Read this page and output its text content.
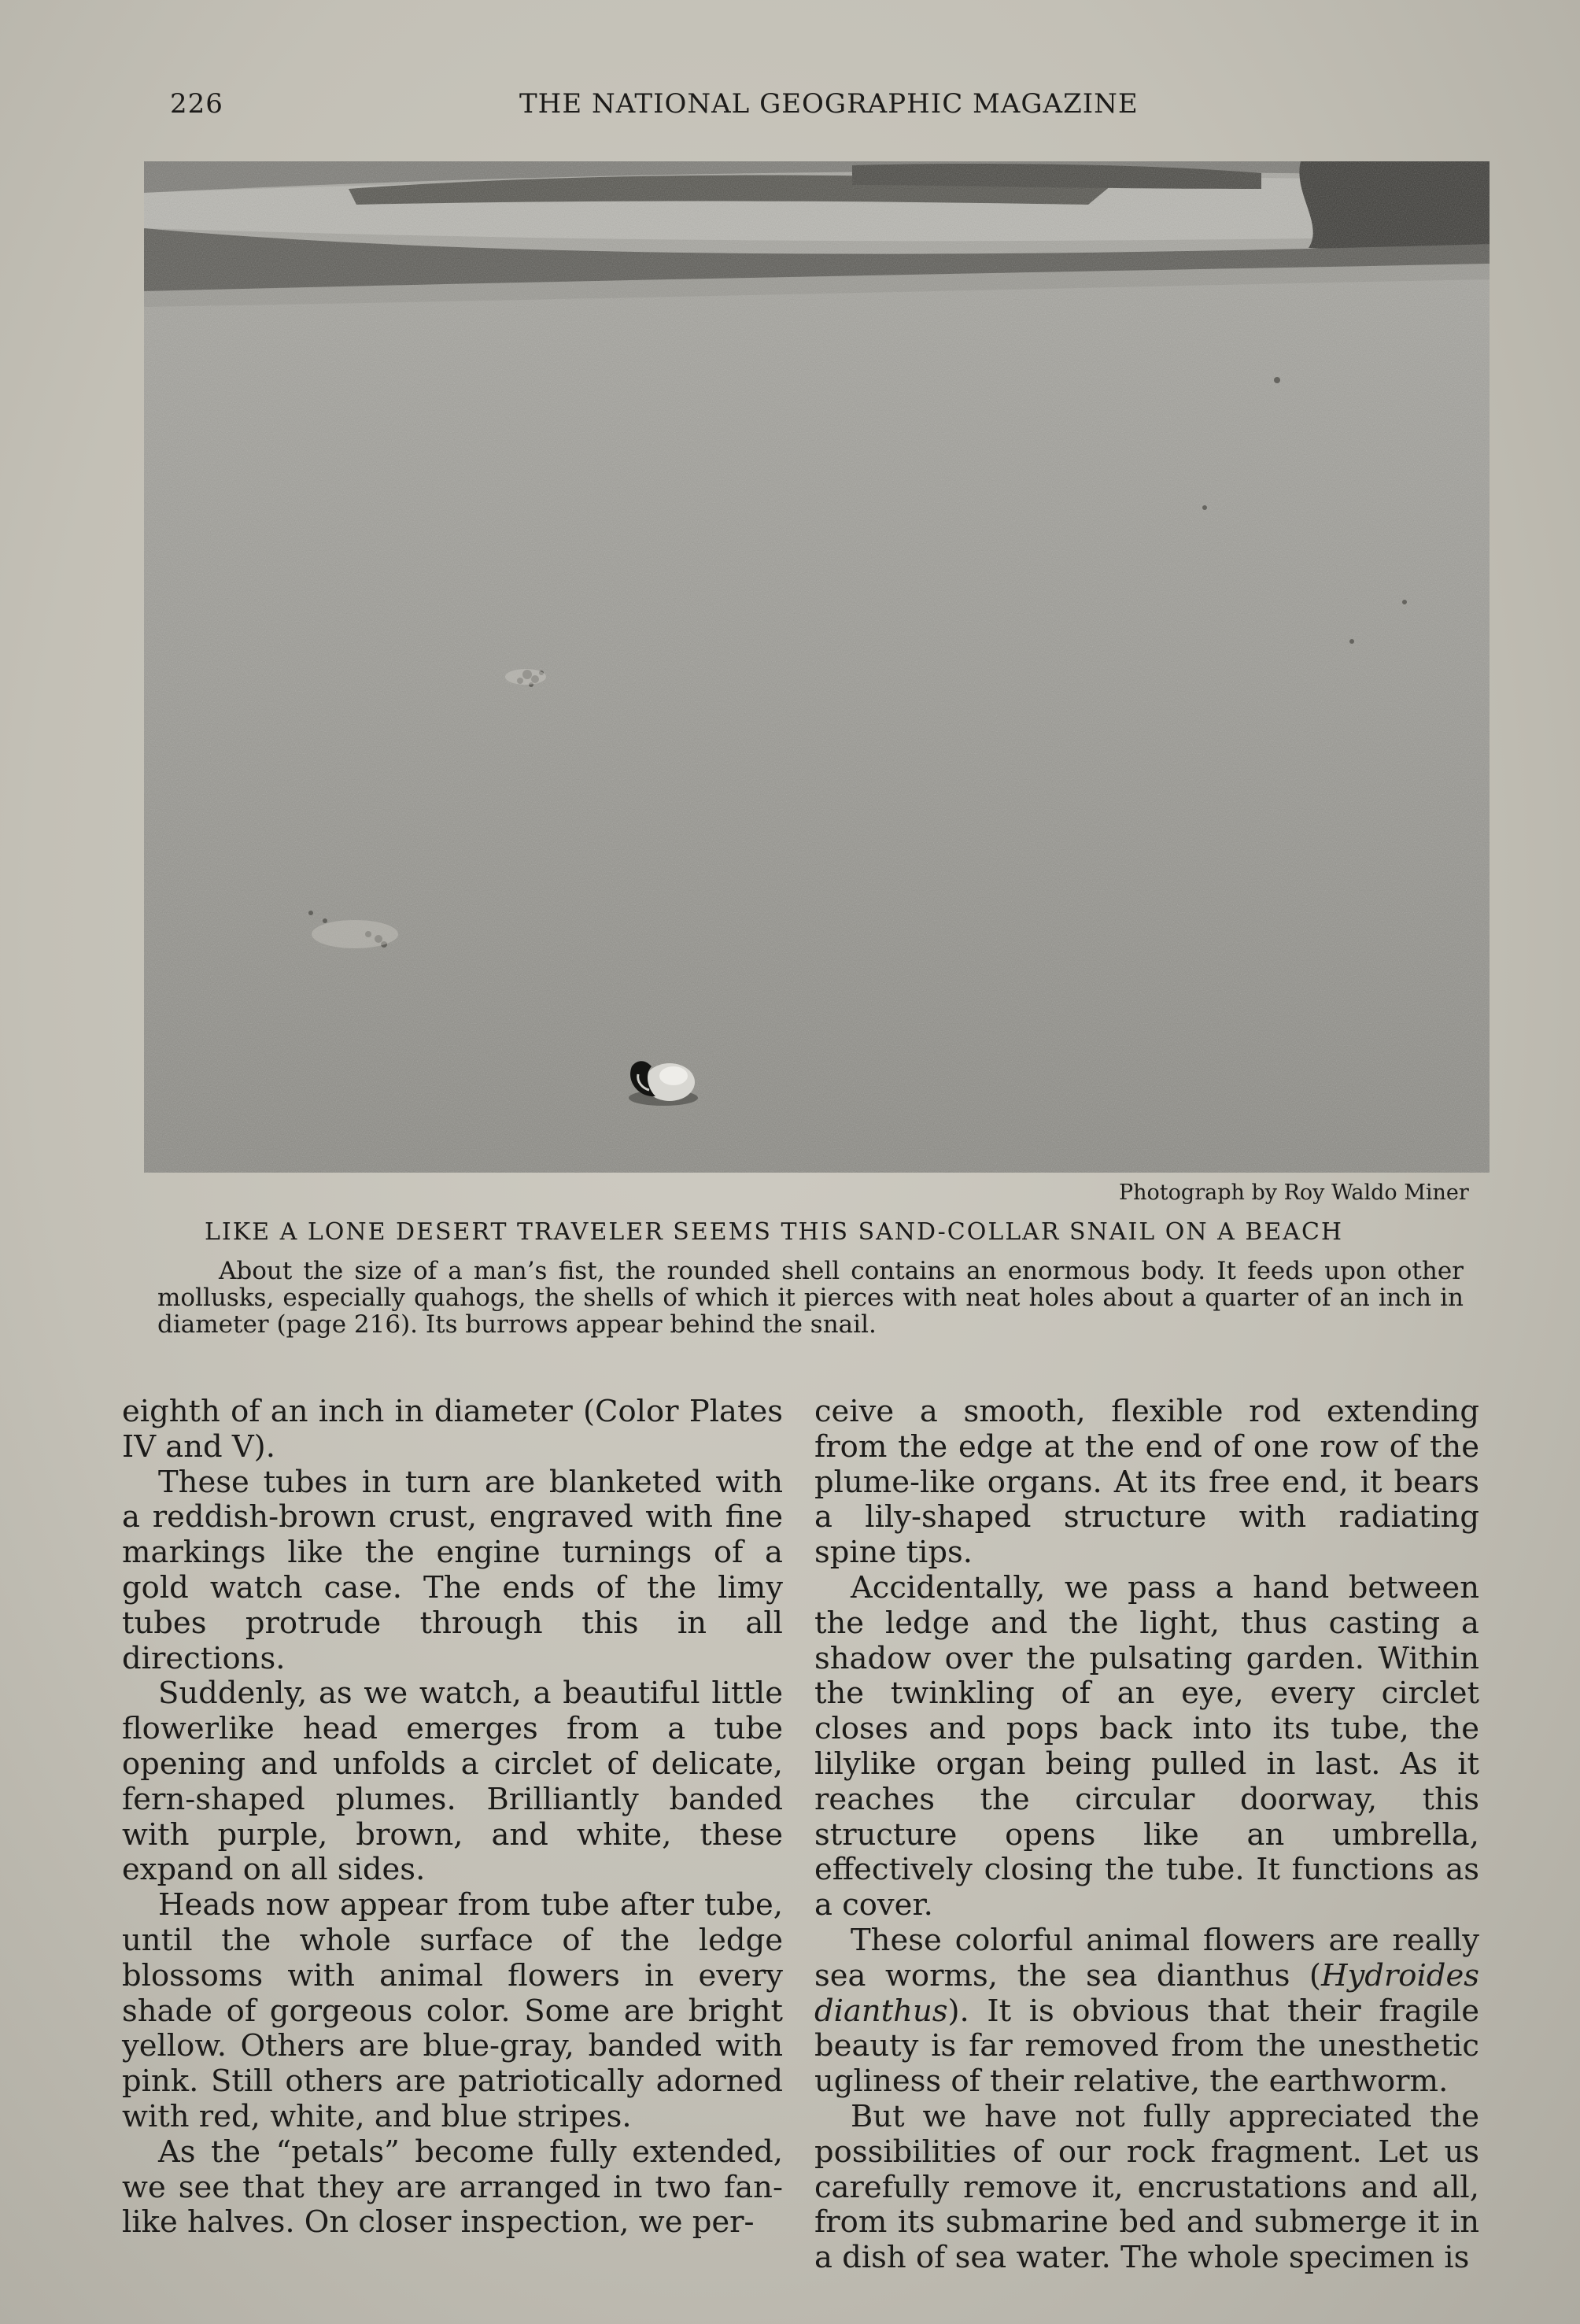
226	THE NATIONAL GEOGRAPHIC MAGAZINE
Photograph by Roy Waldo Miner
LIKE A LONE DESERT TRAVELER SEEMS THIS SAND-COLLAR SNAIL ON A BEACH
About the size of a man’s fist, the rounded shell contains an enormous body. It feeds upon other mollusks, especially quahogs, the shells of which it pierces with neat holes about a quarter of an inch in diameter (page 216). Its burrows appear behind the snail.

eighth of an inch in diameter (Color Plates IV and V).

These tubes in turn are blanketed with a reddish-brown crust, engraved with fine markings like the engine turnings of a gold watch case. The ends of the limy tubes protrude through this in all directions.

Suddenly, as we watch, a beautiful little flowerlike head emerges from a tube opening and unfolds a circlet of delicate, fern-shaped plumes. Brilliantly banded with purple, brown, and white, these expand on all sides.

Heads now appear from tube after tube, until the whole surface of the ledge blossoms with animal flowers in every shade of gorgeous color. Some are bright yellow. Others are blue-gray, banded with pink. Still others are patriotically adorned with red, white, and blue stripes.

As the “petals” become fully extended, we see that they are arranged in two fan-like halves. On closer inspection, we per-

ceive a smooth, flexible rod extending from the edge at the end of one row of the plume-like organs. At its free end, it bears a lily-shaped structure with radiating spine tips.

Accidentally, we pass a hand between the ledge and the light, thus casting a shadow over the pulsating garden. Within the twinkling of an eye, every circlet closes and pops back into its tube, the lilylike organ being pulled in last. As it reaches the circular doorway, this structure opens like an umbrella, effectively closing the tube. It functions as a cover.

These colorful animal flowers are really sea worms, the sea dianthus (Hydroides dianthus). It is obvious that their fragile beauty is far removed from the unesthetic ugliness of their relative, the earthworm.

But we have not fully appreciated the possibilities of our rock fragment. Let us carefully remove it, encrustations and all, from its submarine bed and submerge it in a dish of sea water. The whole specimen is
